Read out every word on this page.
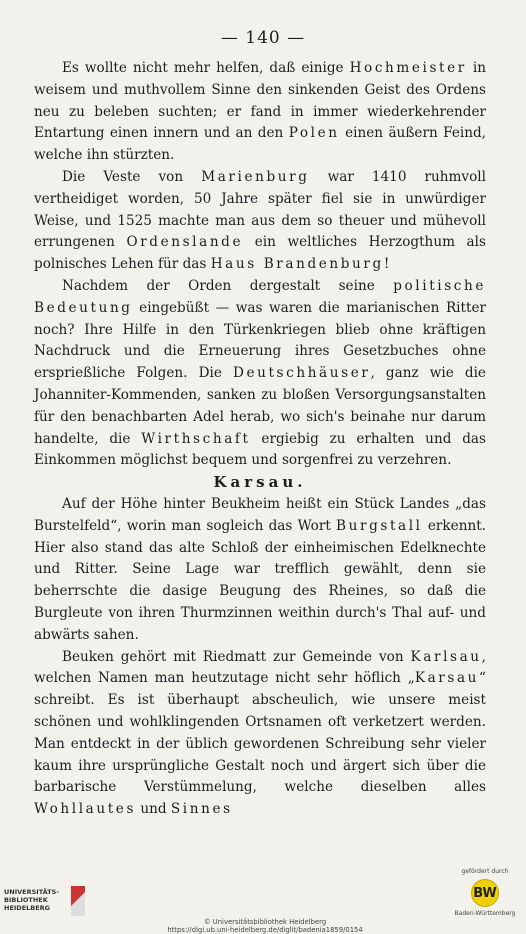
— 140 —

Es wollte nicht mehr helfen, daß einige Hochmeister in weisem und muthvollem Sinne den sinkenden Geist des Ordens neu zu beleben suchten; er fand in immer wiederkehrender Entartung einen innern und an den Polen einen äußern Feind, welche ihn stürzten.

Die Veste von Marienburg war 1410 ruhmvoll vertheidiget worden, 50 Jahre später fiel sie in unwürdiger Weise, und 1525 machte man aus dem so theuer und mühevoll errungenen Ordenslande ein weltliches Herzogthum als polnisches Lehen für das Haus Brandenburg!

Nachdem der Orden dergestalt seine politische Bedeutung eingebüßt — was waren die marianischen Ritter noch? Ihre Hilfe in den Türkenkriegen blieb ohne kräftigen Nachdruck und die Erneuerung ihres Gesetzbuches ohne ersprießliche Folgen. Die Deutschhäuser, ganz wie die Johanniter-Kommenden, sanken zu bloßen Versorgungsanstalten für den benachbarten Adel herab, wo sich's beinahe nur darum handelte, die Wirthschaft ergiebig zu erhalten und das Einkommen möglichst bequem und sorgenfrei zu verzehren.

Karsau.

Auf der Höhe hinter Beukheim heißt ein Stück Landes „das Burstelfeld“, worin man sogleich das Wort Burgstall erkennt. Hier also stand das alte Schloß der einheimischen Edelknechte und Ritter. Seine Lage war trefflich gewählt, denn sie beherrschte die dasige Beugung des Rheines, so daß die Burgleute von ihren Thurmzinnen weithin durch's Thal auf- und abwärts sahen.

Beuken gehört mit Riedmatt zur Gemeinde von Karlsau, welchen Namen man heutzutage nicht sehr höflich „Karsau“ schreibt. Es ist überhaupt abscheulich, wie unsere meist schönen und wohlklingenden Ortsnamen oft verketzert werden. Man entdeckt in der üblich gewordenen Schreibung sehr vieler kaum ihre ursprüngliche Gestalt noch und ärgert sich über die barbarische Verstümmelung, welche dieselben alles Wohllautes und Sinnes

UNIVERSITÄTS-
BIBLIOTHEK
HEIDELBERG
© Universitätsbibliothek Heidelberg
https://digi.ub.uni-heidelberg.de/diglit/badenia1859/0154
gefördert durch
BW
Baden-Württemberg
